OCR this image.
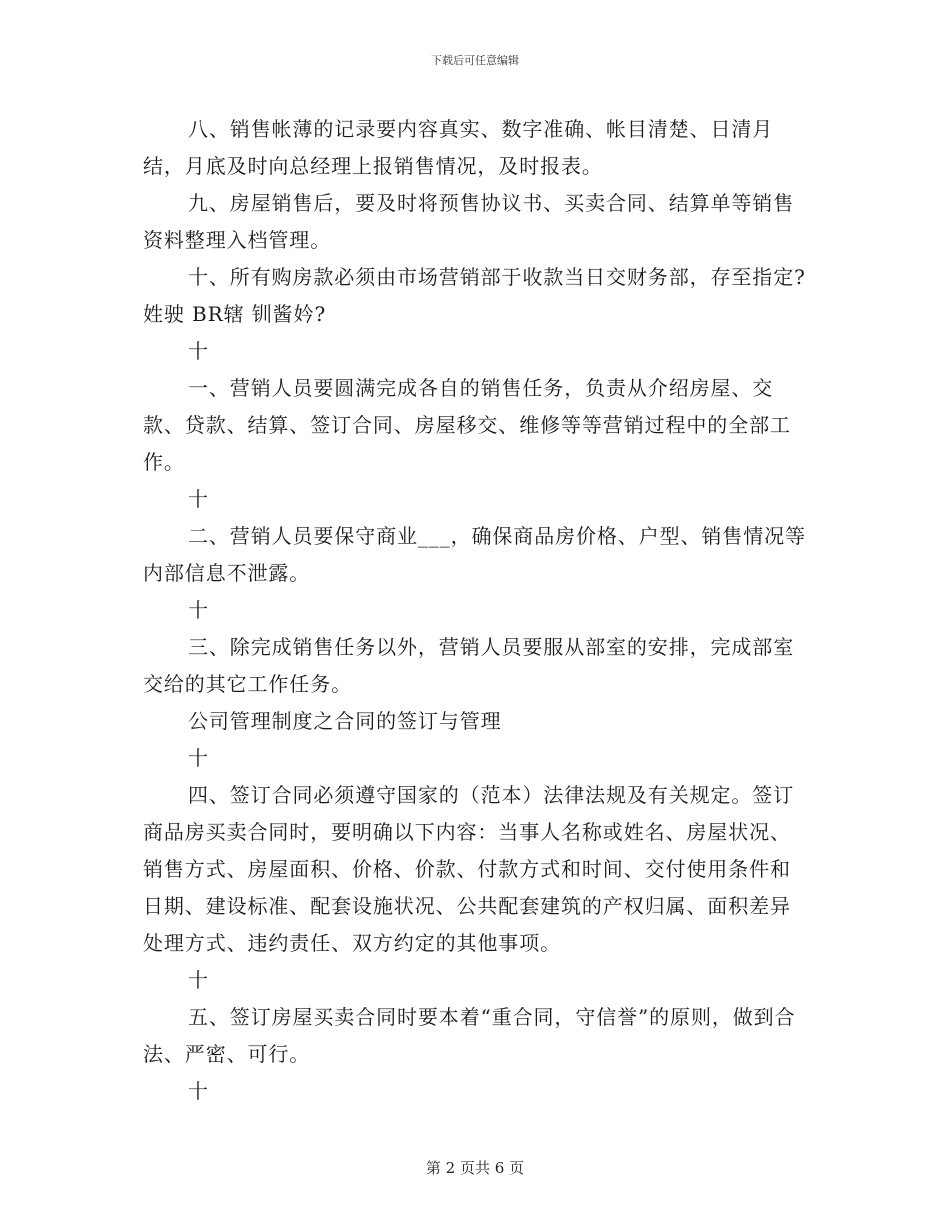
下载后可任意编辑

八、销售帐薄的记录要内容真实、数字准确、帐目清楚、日清月结，月底及时向总经理上报销售情况，及时报表。

九、房屋销售后，要及时将预售协议书、买卖合同、结算单等销售资料整理入档管理。

十、所有购房款必须由市场营销部于收款当日交财务部，存至指定? 姓驶 BR辖 钏酱妗?

十

一、营销人员要圆满完成各自的销售任务，负责从介绍房屋、交款、贷款、结算、签订合同、房屋移交、维修等等营销过程中的全部工作。

十

二、营销人员要保守商业___，确保商品房价格、户型、销售情况等内部信息不泄露。

十

三、除完成销售任务以外，营销人员要服从部室的安排，完成部室交给的其它工作任务。

公司管理制度之合同的签订与管理

十

四、签订合同必须遵守国家的（范本）法律法规及有关规定。签订商品房买卖合同时，要明确以下内容：当事人名称或姓名、房屋状况、销售方式、房屋面积、价格、价款、付款方式和时间、交付使用条件和日期、建设标准、配套设施状况、公共配套建筑的产权归属、面积差异处理方式、违约责任、双方约定的其他事项。

十

五、签订房屋买卖合同时要本着“重合同，守信誉”的原则，做到合法、严密、可行。

十

第 2 页共 6 页
